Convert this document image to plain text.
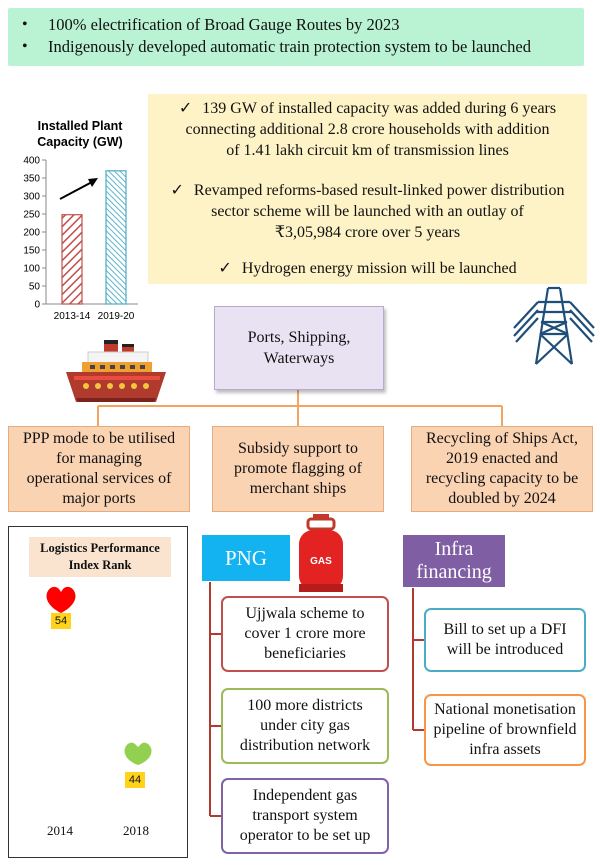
• 100% electrification of Broad Gauge Routes by 2023
• Indigenously developed automatic train protection system to be launched
Installed Plant
Capacity (GW)
0
50
100
150
200
250
300
350
400
2013-14 2019-20
✓ 139 GW of installed capacity was added during 6 years
connecting additional 2.8 crore households with addition
of 1.41 lakh circuit km of transmission lines
✓ Revamped reforms-based result-linked power distribution
sector scheme will be launched with an outlay of
₹3,05,984 crore over 5 years
✓ Hydrogen energy mission will be launched
Ports, Shipping,
Waterways
PPP mode to be utilised
for managing
operational services of
major ports
Subsidy support to
promote flagging of
merchant ships
Recycling of Ships Act,
2019 enacted and
recycling capacity to be
doubled by 2024
Logistics Performance
Index Rank
54
44
2014	2018
PNG	GAS
Ujjwala scheme to
cover 1 crore more
beneficiaries
100 more districts
under city gas
distribution network
Independent gas
transport system
operator to be set up
Infra
financing
Bill to set up a DFI
will be introduced
National monetisation
pipeline of brownfield
infra assets
